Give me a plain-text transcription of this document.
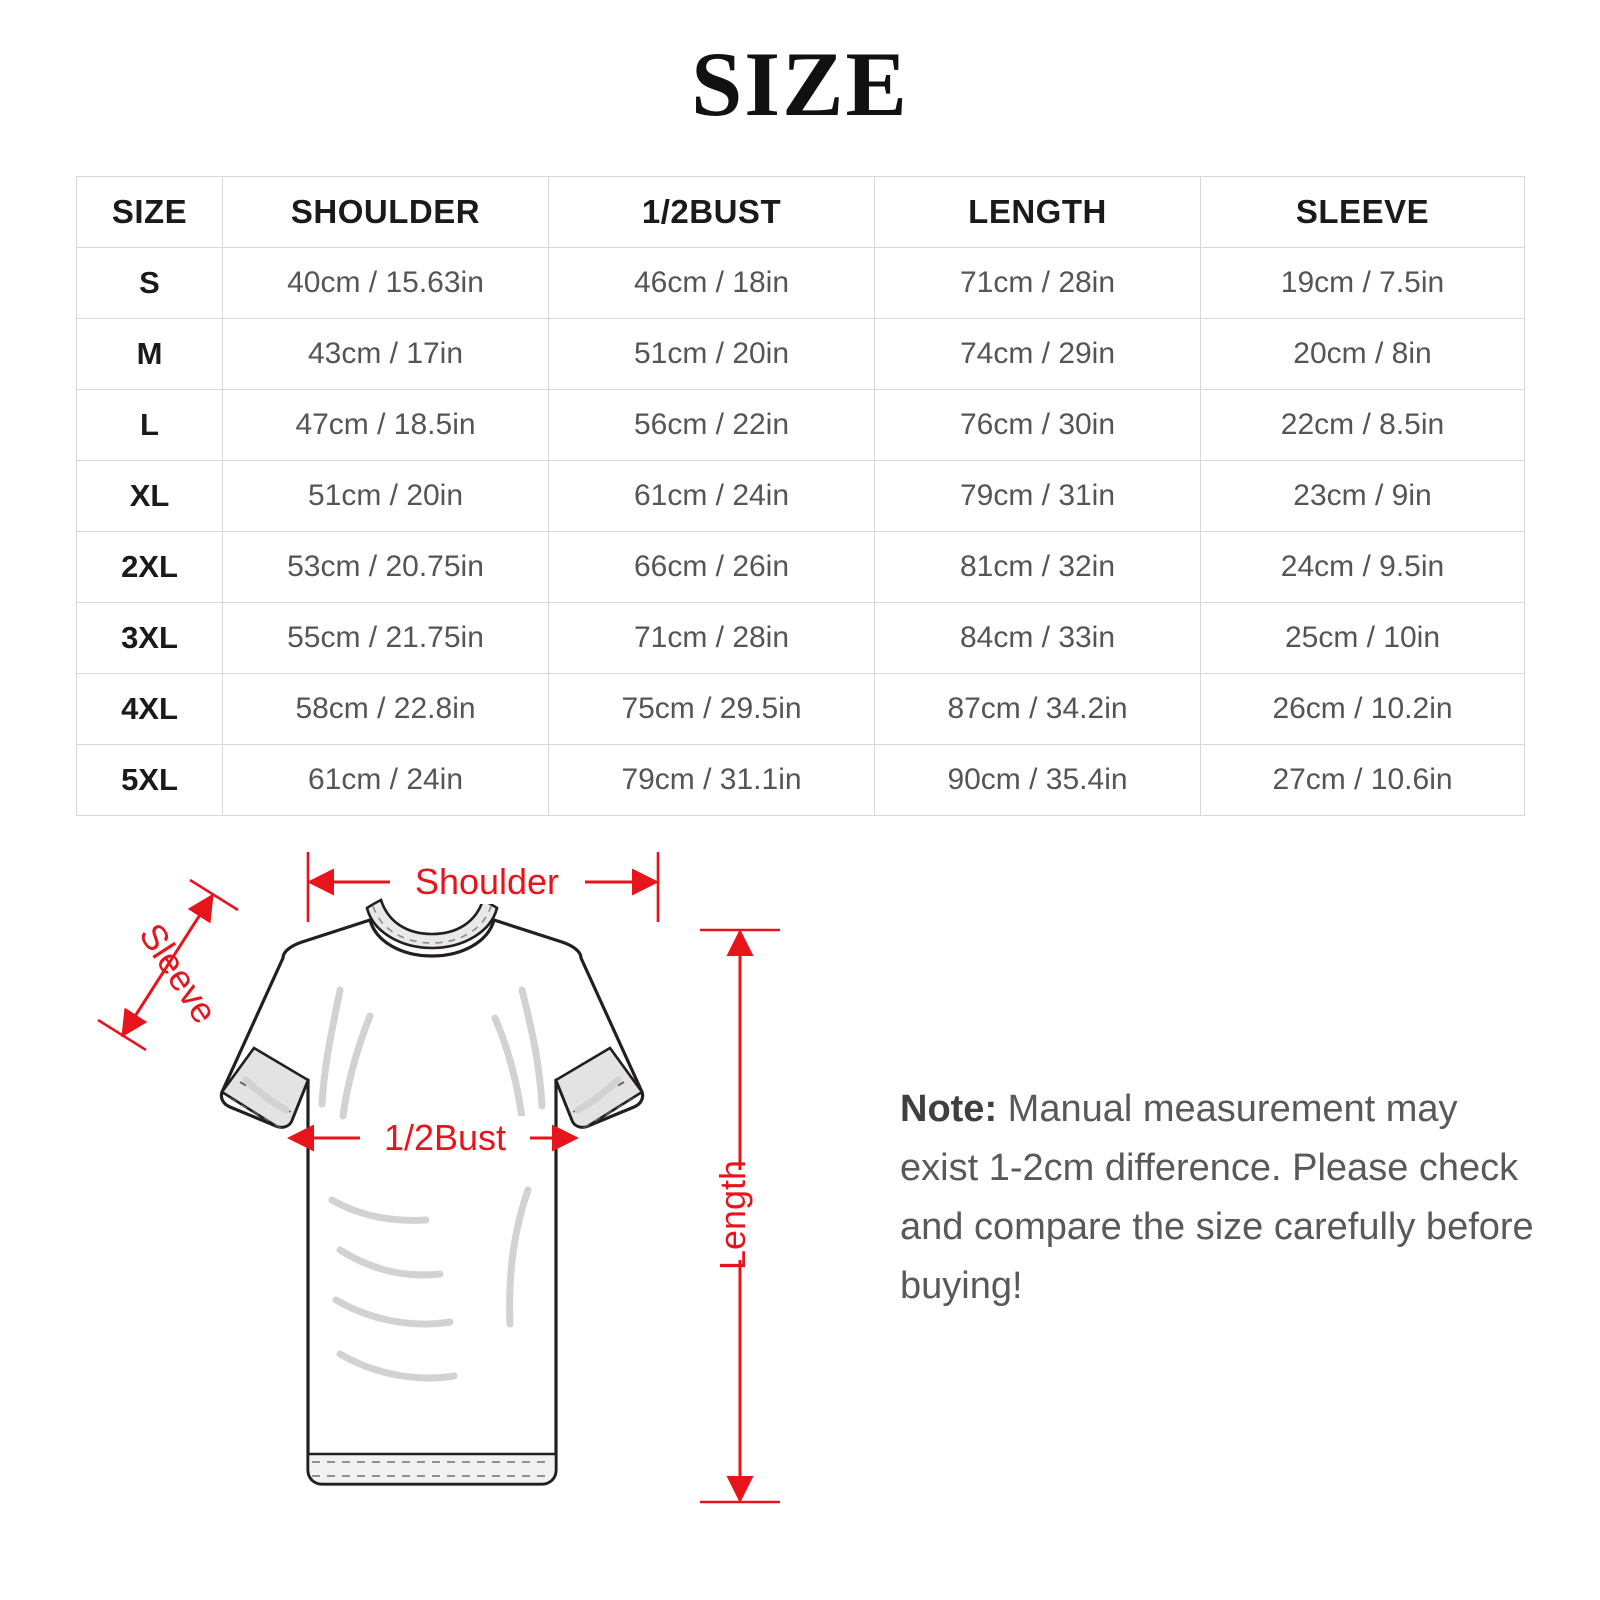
SIZE
SIZE	SHOULDER	1/2BUST	LENGTH	SLEEVE
S	40cm / 15.63in	46cm / 18in	71cm / 28in	19cm / 7.5in
M	43cm / 17in	51cm / 20in	74cm / 29in	20cm / 8in
L	47cm / 18.5in	56cm / 22in	76cm / 30in	22cm / 8.5in
XL	51cm / 20in	61cm / 24in	79cm / 31in	23cm / 9in
2XL	53cm / 20.75in	66cm / 26in	81cm / 32in	24cm / 9.5in
3XL	55cm / 21.75in	71cm / 28in	84cm / 33in	25cm / 10in
4XL	58cm / 22.8in	75cm / 29.5in	87cm / 34.2in	26cm / 10.2in
5XL	61cm / 24in	79cm / 31.1in	90cm / 35.4in	27cm / 10.6in
Shoulder
Sleeve
1/2Bust
Length
Note: Manual measurement may exist 1-2cm difference. Please check and compare the size carefully before buying!
